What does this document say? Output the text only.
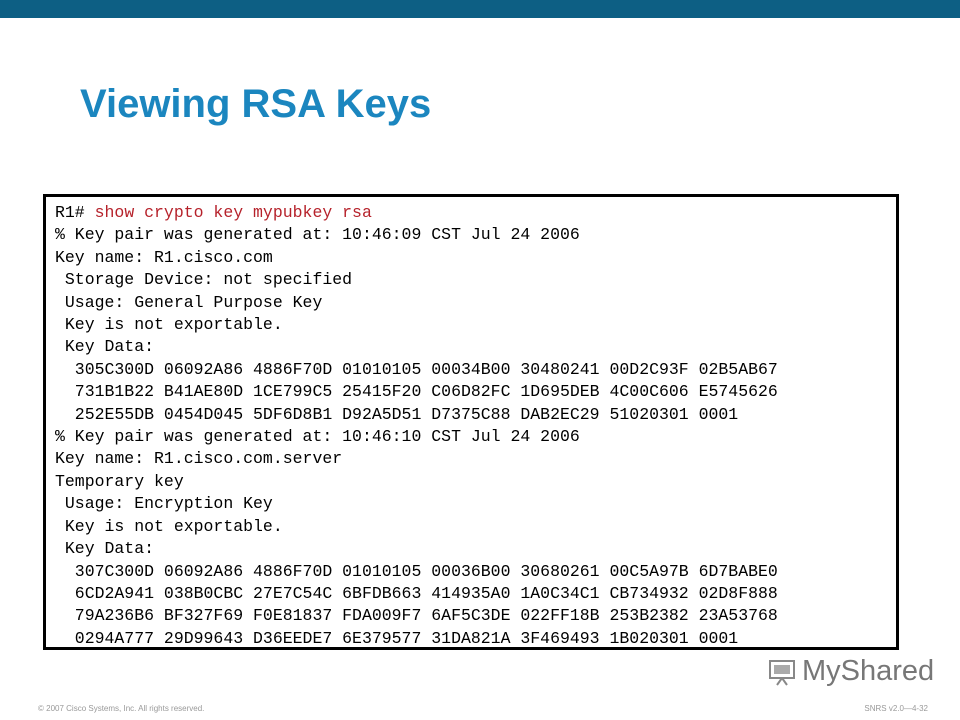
Viewing RSA Keys

R1# show crypto key mypubkey rsa

% Key pair was generated at: 10:46:09 CST Jul 24 2006

Key name: R1.cisco.com

Storage Device: not specified

Usage: General Purpose Key

Key is not exportable.

Key Data:

305C300D 06092A86 4886F70D 01010105 00034B00 30480241 00D2C93F 02B5AB67

731B1B22 B41AE80D 1CE799C5 25415F20 C06D82FC 1D695DEB 4C00C606 E5745626

252E55DB 0454D045 5DF6D8B1 D92A5D51 D7375C88 DAB2EC29 51020301 0001

% Key pair was generated at: 10:46:10 CST Jul 24 2006

Key name: R1.cisco.com.server

Temporary key

Usage: Encryption Key

Key is not exportable.

Key Data:

307C300D 06092A86 4886F70D 01010105 00036B00 30680261 00C5A97B 6D7BABE0

6CD2A941 038B0CBC 27E7C54C 6BFDB663 414935A0 1A0C34C1 CB734932 02D8F888

79A236B6 BF327F69 F0E81837 FDA009F7 6AF5C3DE 022FF18B 253B2382 23A53768

0294A777 29D99643 D36EEDE7 6E379577 31DA821A 3F469493 1B020301 0001

MyShared
© 2007 Cisco Systems, Inc. All rights reserved.	SNRS v2.0—4-32
